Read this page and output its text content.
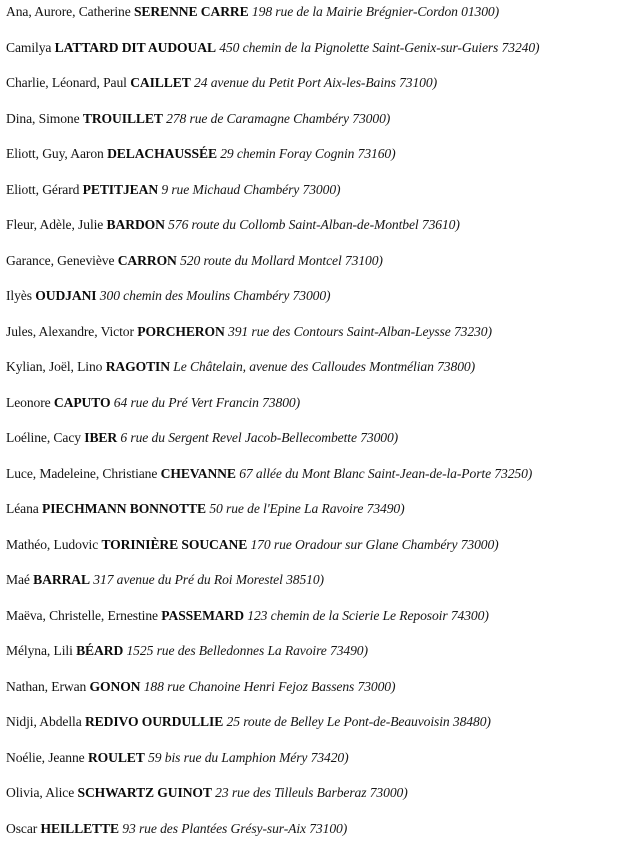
Ana, Aurore, Catherine SERENNE CARRE 198 rue de la Mairie Brégnier-Cordon 01300)
Camilya LATTARD DIT AUDOUAL 450 chemin de la Pignolette Saint-Genix-sur-Guiers 73240)
Charlie, Léonard, Paul CAILLET 24 avenue du Petit Port Aix-les-Bains 73100)
Dina, Simone TROUILLET 278 rue de Caramagne Chambéry 73000)
Eliott, Guy, Aaron DELACHAUSSÉE 29 chemin Foray Cognin 73160)
Eliott, Gérard PETITJEAN 9 rue Michaud Chambéry 73000)
Fleur, Adèle, Julie BARDON 576 route du Collomb Saint-Alban-de-Montbel 73610)
Garance, Geneviève CARRON 520 route du Mollard Montcel 73100)
Ilyès OUDJANI 300 chemin des Moulins Chambéry 73000)
Jules, Alexandre, Victor PORCHERON 391 rue des Contours Saint-Alban-Leysse 73230)
Kylian, Joël, Lino RAGOTIN Le Châtelain, avenue des Calloudes Montmélian 73800)
Leonore CAPUTO 64 rue du Pré Vert Francin 73800)
Loéline, Cacy IBER 6 rue du Sergent Revel Jacob-Bellecombette 73000)
Luce, Madeleine, Christiane CHEVANNE 67 allée du Mont Blanc Saint-Jean-de-la-Porte 73250)
Léana PIECHMANN BONNOTTE 50 rue de l'Epine La Ravoire 73490)
Mathéo, Ludovic TORINIÈRE SOUCANE 170 rue Oradour sur Glane Chambéry 73000)
Maé BARRAL 317 avenue du Pré du Roi Morestel 38510)
Maëva, Christelle, Ernestine PASSEMARD 123 chemin de la Scierie Le Reposoir 74300)
Mélyna, Lili BÉARD 1525 rue des Belledonnes La Ravoire 73490)
Nathan, Erwan GONON 188 rue Chanoine Henri Fejoz Bassens 73000)
Nidji, Abdella REDIVO OURDULLIE 25 route de Belley Le Pont-de-Beauvoisin 38480)
Noélie, Jeanne ROULET 59 bis rue du Lamphion Méry 73420)
Olivia, Alice SCHWARTZ GUINOT 23 rue des Tilleuls Barberaz 73000)
Oscar HEILLETTE 93 rue des Plantées Grésy-sur-Aix 73100)
